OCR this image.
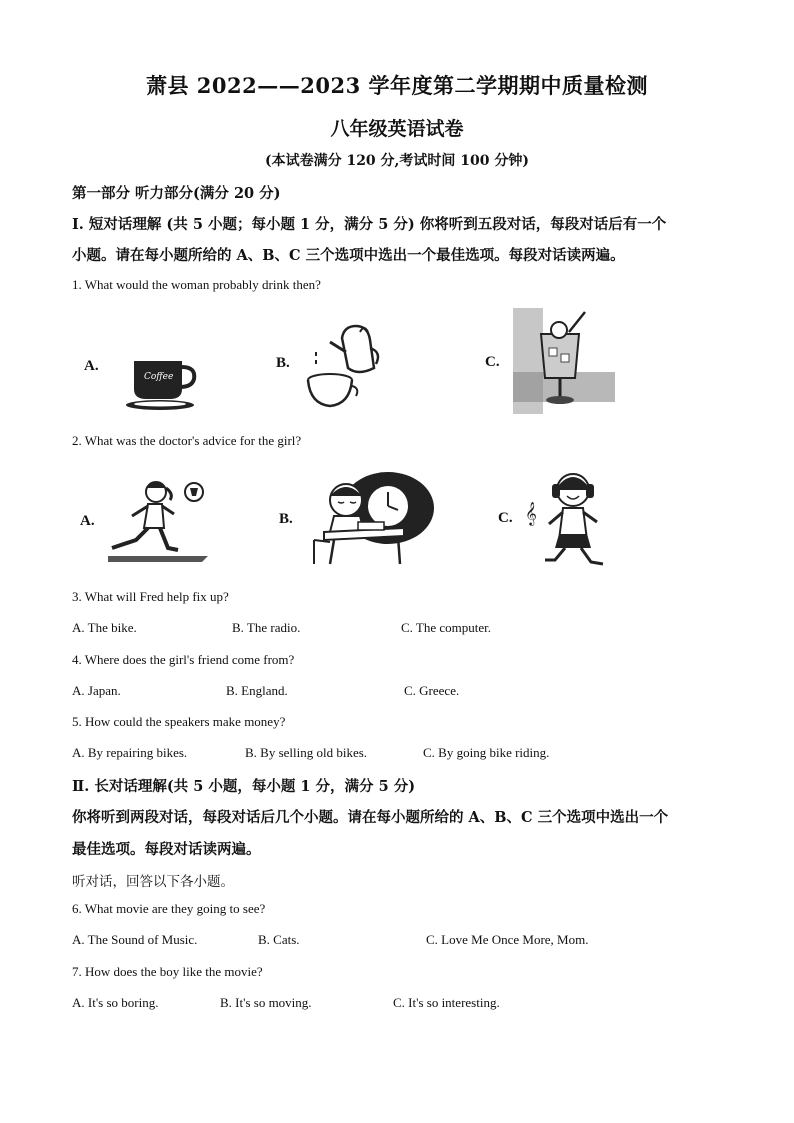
萧县 2022——2023 学年度第二学期期中质量检测
八年级英语试卷
(本试卷满分 120 分,考试时间 100 分钟)
第一部分 听力部分(满分 20 分)
Ⅰ. 短对话理解 (共 5 小题；每小题 1 分，满分 5 分) 你将听到五段对话，每段对话后有一个
小题。请在每小题所给的 A、B、C 三个选项中选出一个最佳选项。每段对话读两遍。
1. What would the woman probably drink then?
A.
Coffee
B.	C.
2. What was the doctor's advice for the girl?
A.	B.	C. 𝄞
3. What will Fred help fix up?
A. The bike.	B. The radio.	C. The computer.
4. Where does the girl's friend come from?
A. Japan.	B. England.	C. Greece.
5. How could the speakers make money?
A. By repairing bikes.	B. By selling old bikes.	C. By going bike riding.
Ⅱ. 长对话理解(共 5 小题，每小题 1 分，满分 5 分)
你将听到两段对话，每段对话后几个小题。请在每小题所给的 A、B、C 三个选项中选出一个
最佳选项。每段对话读两遍。
听对话，回答以下各小题。
6. What movie are they going to see?
A. The Sound of Music.	B. Cats.	C. Love Me Once More, Mom.
7. How does the boy like the movie?
A. It's so boring.	B. It's so moving.	C. It's so interesting.
